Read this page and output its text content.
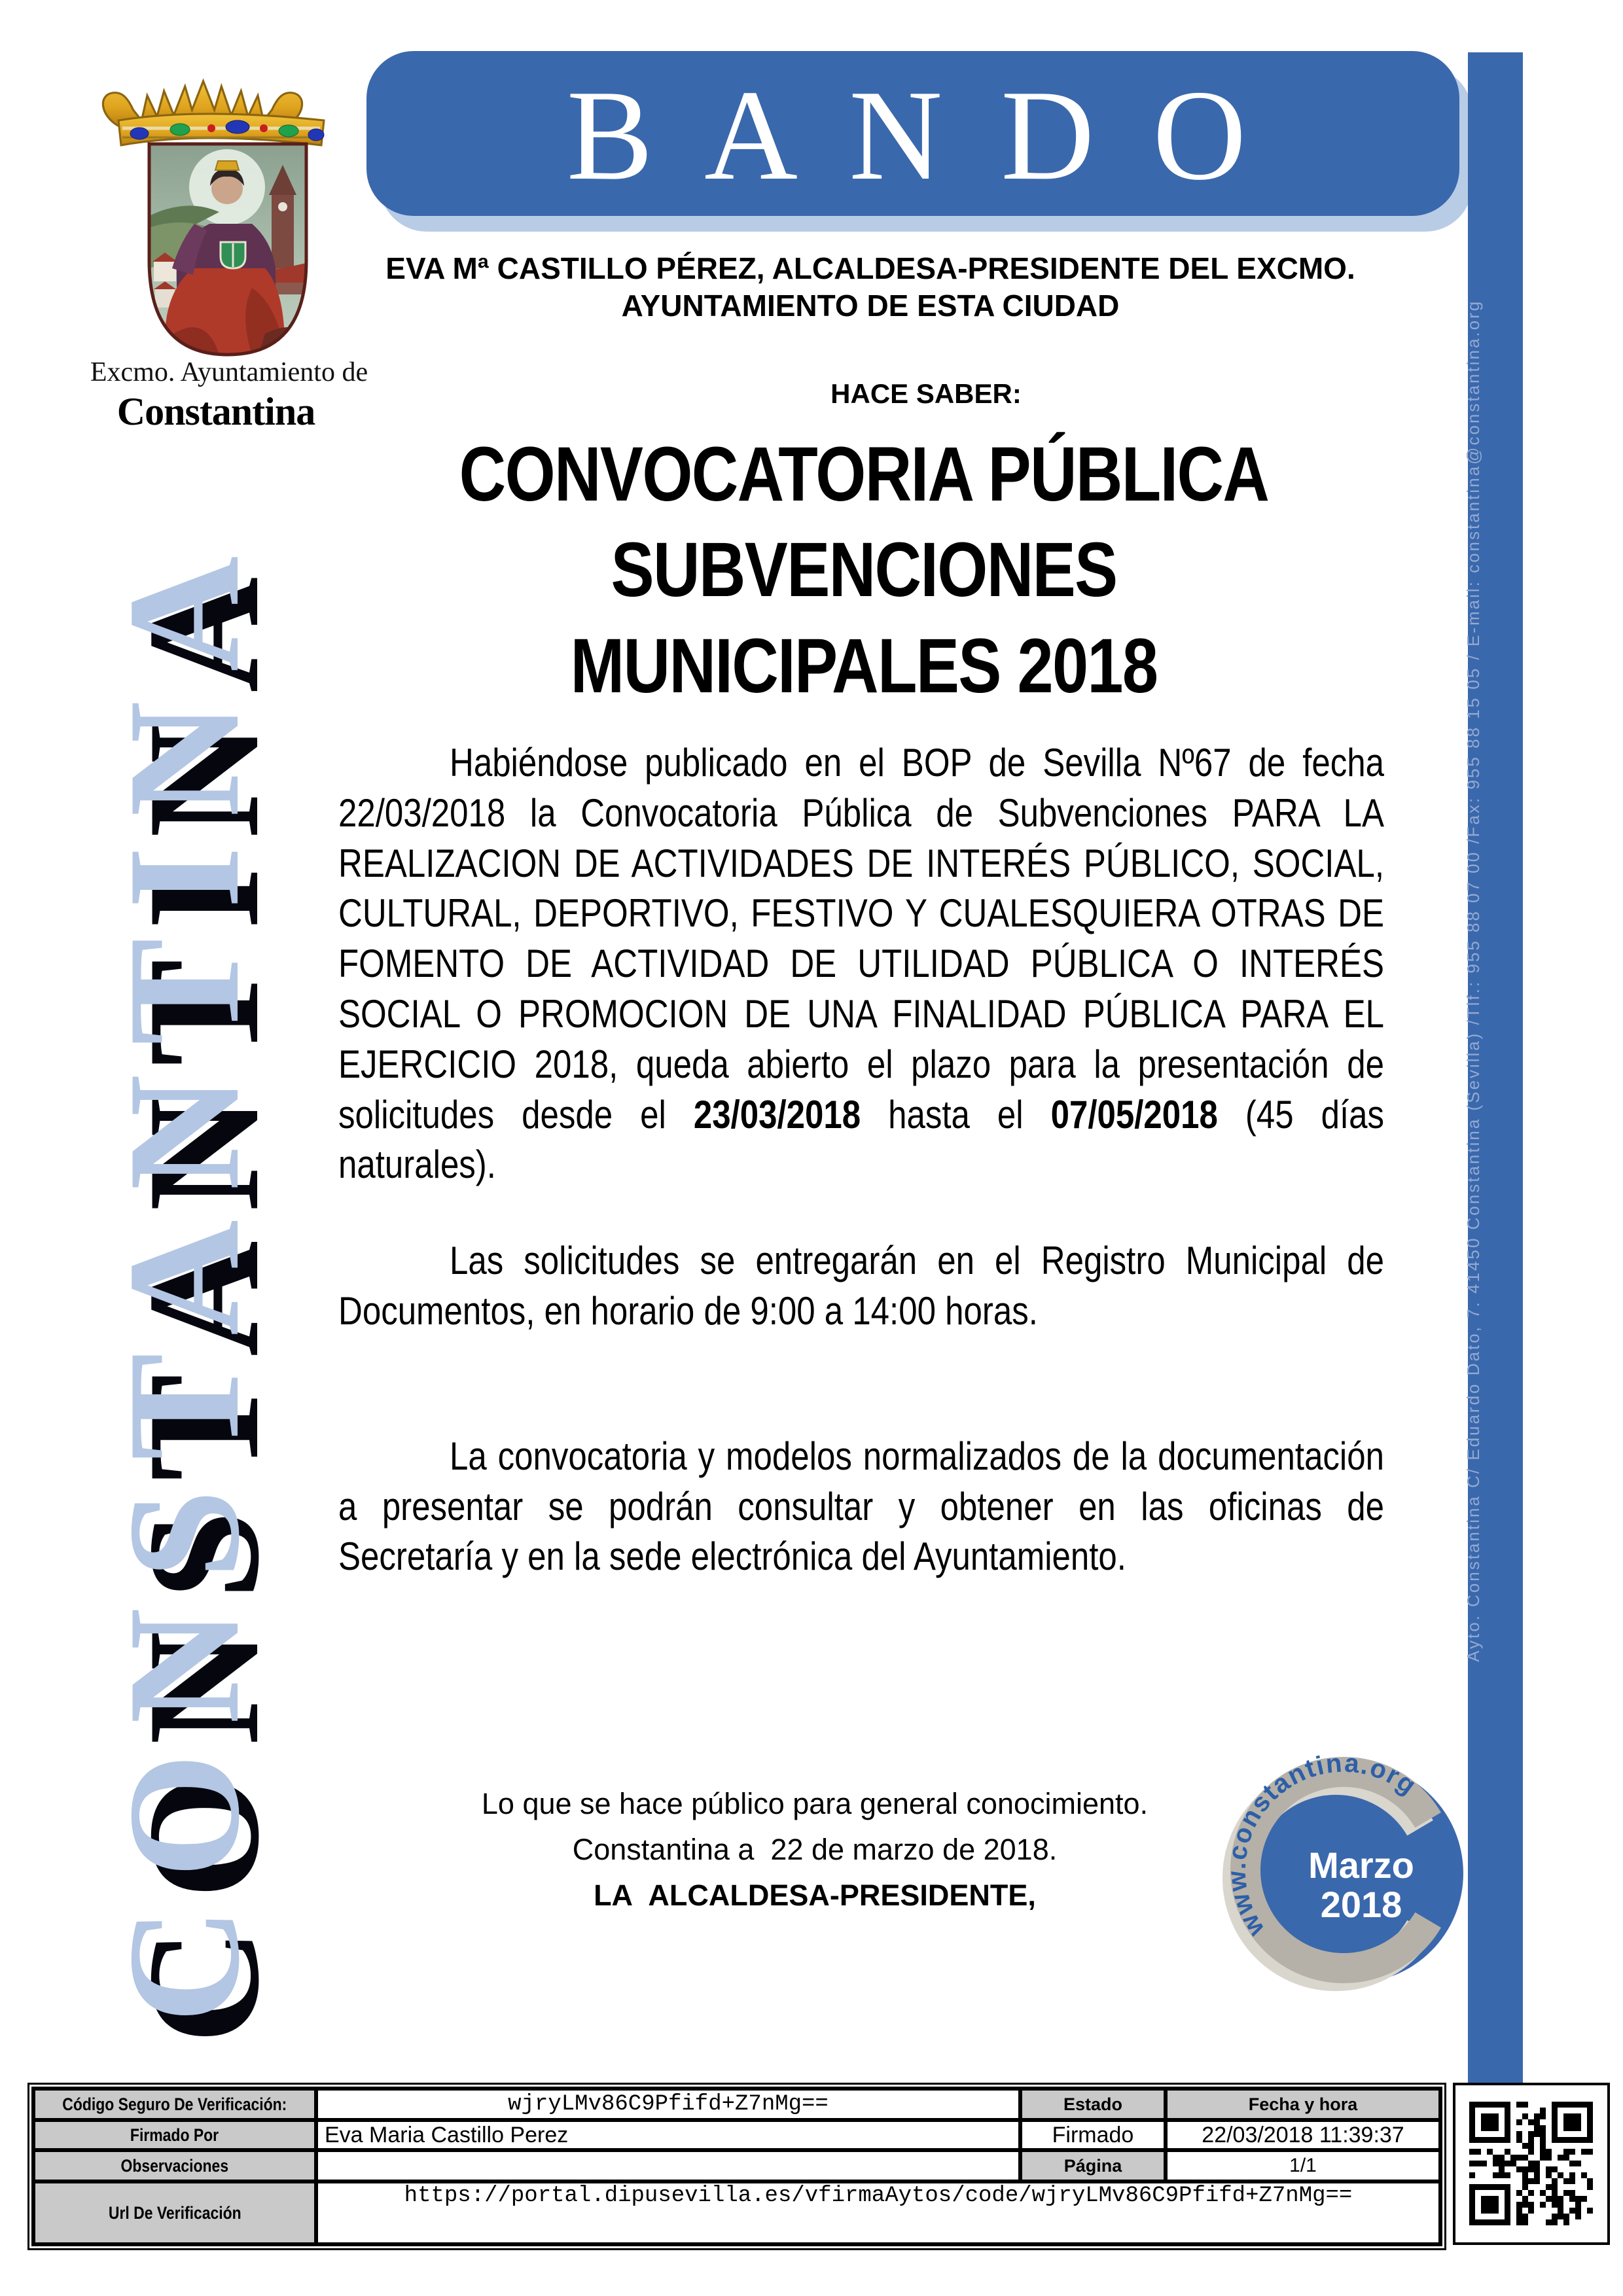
Excmo. Ayuntamiento de
Constantina
B A N D O
EVA Mª CASTILLO PÉREZ, ALCALDESA-PRESIDENTE DEL EXCMO.
AYUNTAMIENTO DE ESTA CIUDAD
HACE SABER:
CONVOCATORIA PÚBLICA
SUBVENCIONES
MUNICIPALES 2018

Habiéndose publicado en el BOP de Sevilla Nº67 de fecha 22/03/2018 la Convocatoria Pública de Subvenciones PARA LA REALIZACION DE ACTIVIDADES DE INTERÉS PÚBLICO, SOCIAL, CULTURAL, DEPORTIVO, FESTIVO Y CUALESQUIERA OTRAS DE FOMENTO DE ACTIVIDAD DE UTILIDAD PÚBLICA O INTERÉS SOCIAL O PROMOCION DE UNA FINALIDAD PÚBLICA PARA EL EJERCICIO 2018, queda abierto el plazo para la presentación de solicitudes desde el 23/03/2018 hasta el 07/05/2018 (45 días naturales).

Las solicitudes se entregarán en el Registro Municipal de Documentos, en horario de 9:00 a 14:00 horas.

La convocatoria y modelos normalizados de la documentación a presentar se podrán consultar y obtener en las oficinas de Secretaría y en la sede electrónica del Ayuntamiento.

Lo que se hace público para general conocimiento.
Constantina a  22 de marzo de 2018.
LA  ALCALDESA-PRESIDENTE,
CONSTANTINA	Ayto. Constantina C/ Eduardo Dato, 7. 41450 Constantina (Sevilla) /Tlf.: 955 88 07 00 /Fax: 955 88 15 05 / E-mail: constantina@constantina.org
www.constantina.org
Marzo
2018
Código Seguro De Verificación:	wjryLMv86C9Pfifd+Z7nMg==	Estado	Fecha y hora
Firmado Por	Eva Maria Castillo Perez	Firmado	22/03/2018 11:39:37
Observaciones		Página	1/1
Url De Verificación	https://portal.dipusevilla.es/vfirmaAytos/code/wjryLMv86C9Pfifd+Z7nMg==		
